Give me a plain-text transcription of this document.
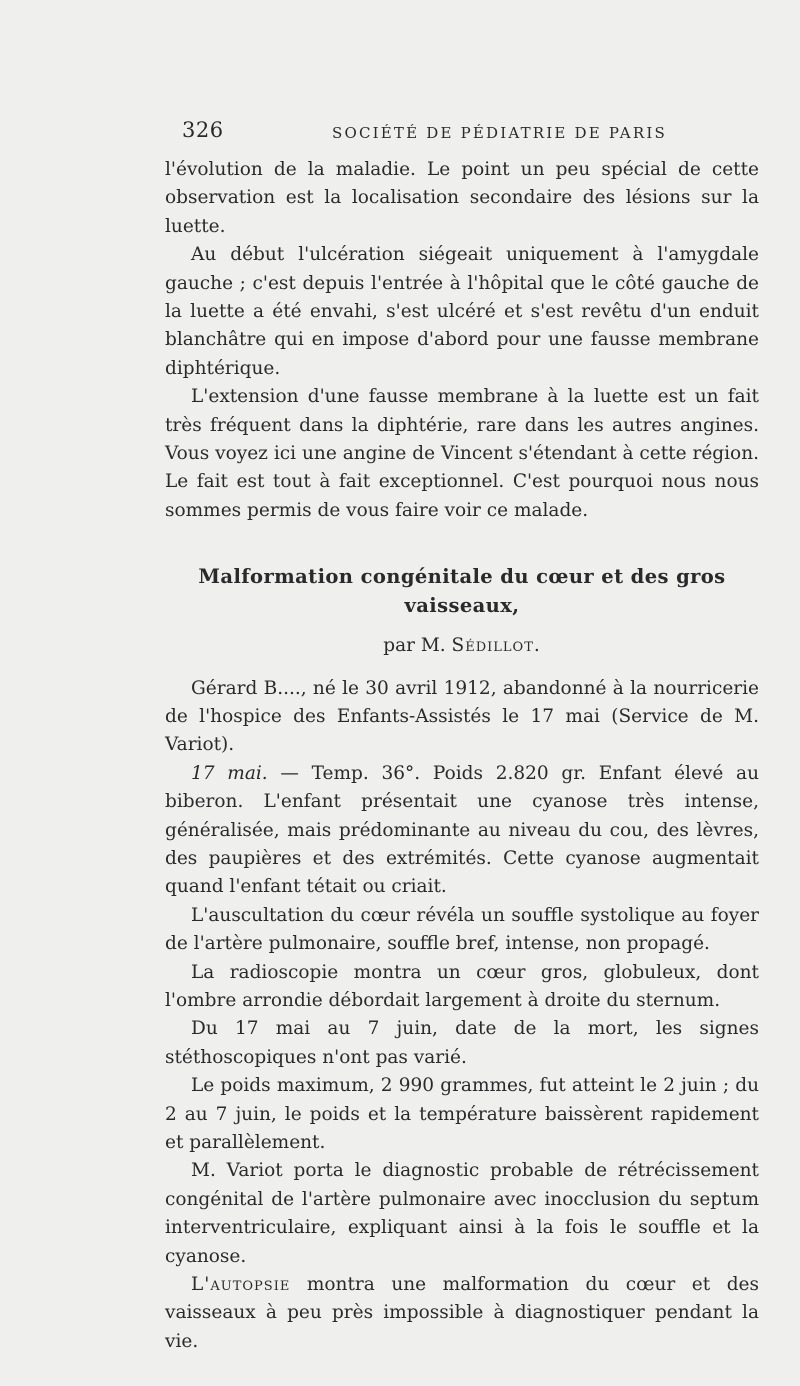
326	SOCIÉTÉ DE PÉDIATRIE DE PARIS

l'évolution de la maladie. Le point un peu spécial de cette observation est la localisation secondaire des lésions sur la luette.

Au début l'ulcération siégeait uniquement à l'amygdale gauche ; c'est depuis l'entrée à l'hôpital que le côté gauche de la luette a été envahi, s'est ulcéré et s'est revêtu d'un enduit blanchâtre qui en impose d'abord pour une fausse membrane diphtérique.

L'extension d'une fausse membrane à la luette est un fait très fréquent dans la diphtérie, rare dans les autres angines. Vous voyez ici une angine de Vincent s'étendant à cette région. Le fait est tout à fait exceptionnel. C'est pourquoi nous nous sommes permis de vous faire voir ce malade.

Malformation congénitale du cœur et des gros vaisseaux,

par M. Sédillot.

Gérard B...., né le 30 avril 1912, abandonné à la nourricerie de l'hospice des Enfants-Assistés le 17 mai (Service de M. Variot).

17 mai. — Temp. 36°. Poids 2.820 gr. Enfant élevé au biberon. L'enfant présentait une cyanose très intense, généralisée, mais prédominante au niveau du cou, des lèvres, des paupières et des extrémités. Cette cyanose augmentait quand l'enfant tétait ou criait.

L'auscultation du cœur révéla un souffle systolique au foyer de l'artère pulmonaire, souffle bref, intense, non propagé.

La radioscopie montra un cœur gros, globuleux, dont l'ombre arrondie débordait largement à droite du sternum.

Du 17 mai au 7 juin, date de la mort, les signes stéthoscopiques n'ont pas varié.

Le poids maximum, 2 990 grammes, fut atteint le 2 juin ; du 2 au 7 juin, le poids et la température baissèrent rapidement et parallèlement.

M. Variot porta le diagnostic probable de rétrécissement congénital de l'artère pulmonaire avec inocclusion du septum interventriculaire, expliquant ainsi à la fois le souffle et la cyanose.

L'autopsie montra une malformation du cœur et des vaisseaux à peu près impossible à diagnostiquer pendant la vie.
